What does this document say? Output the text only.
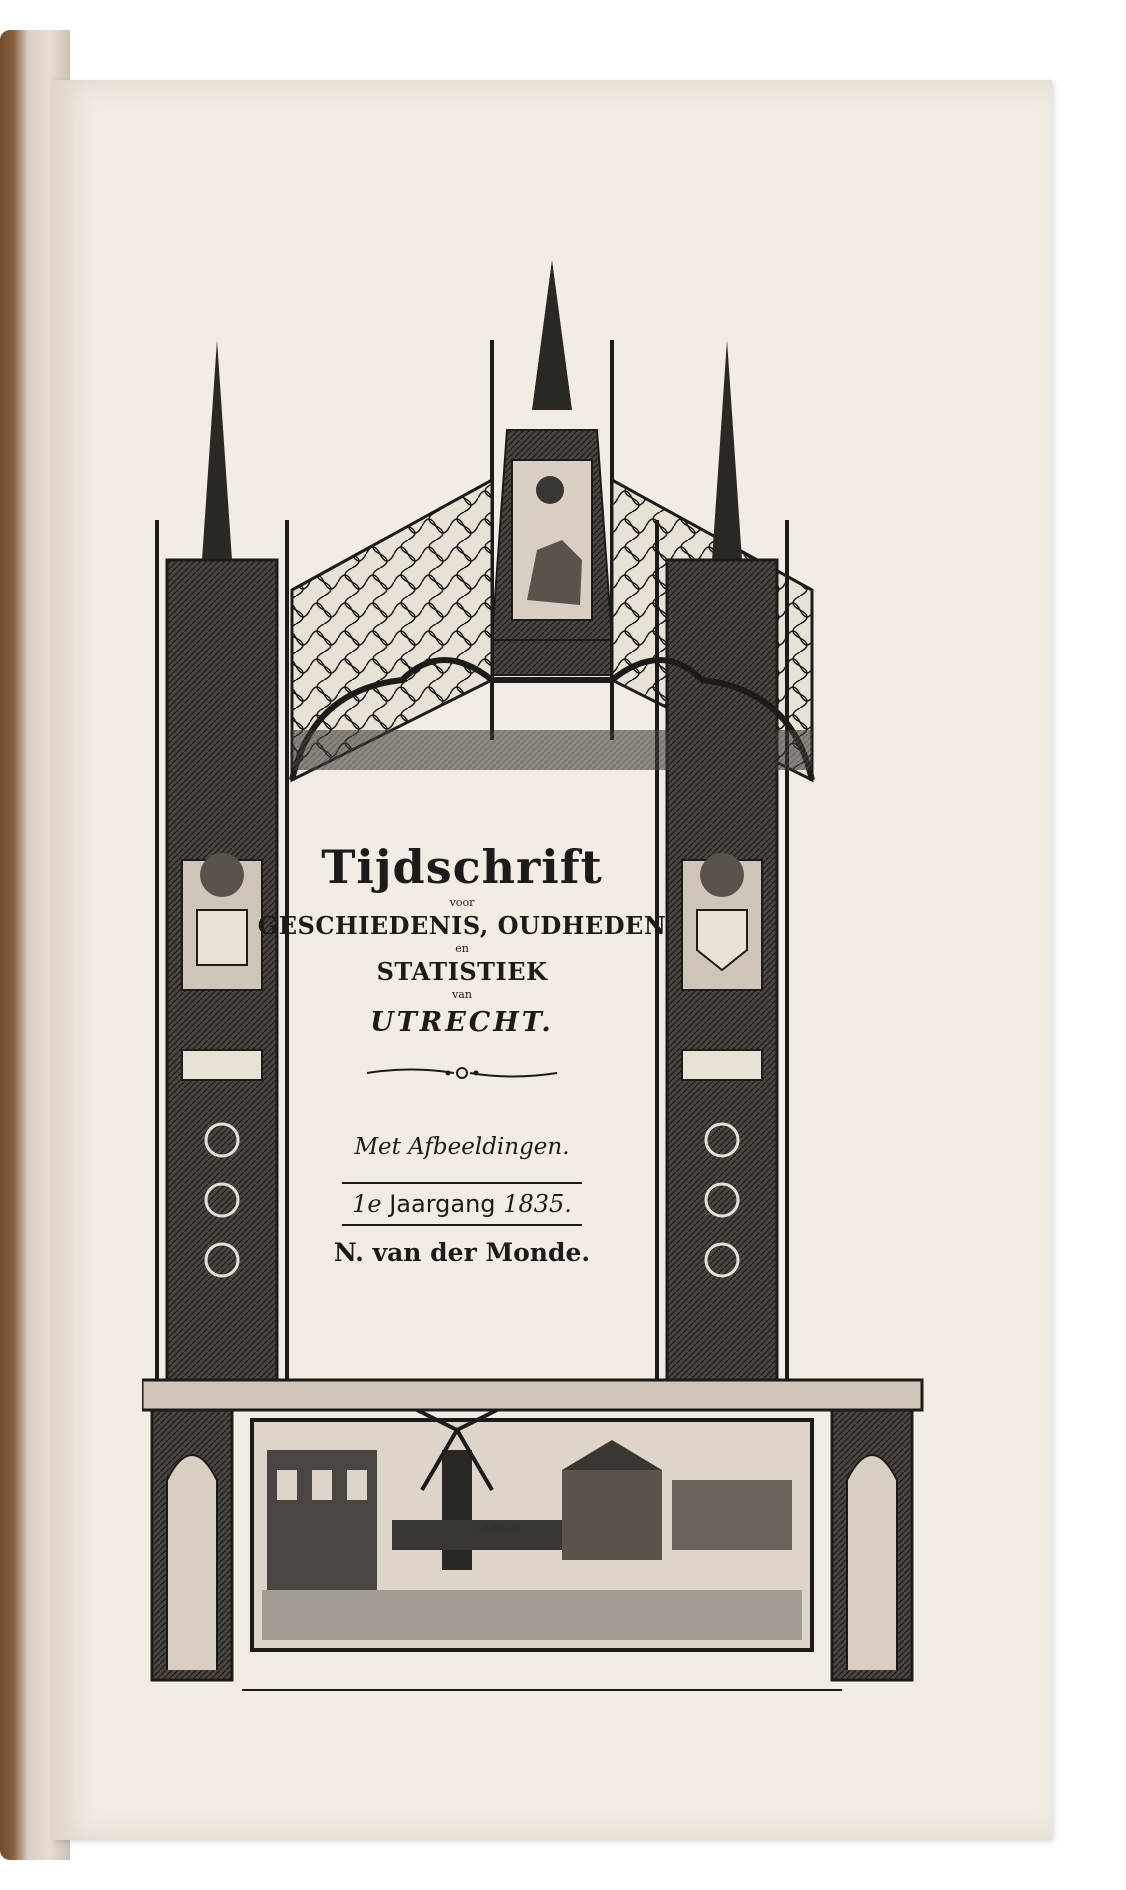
Tijdschrift
voor
GESCHIEDENIS, OUDHEDEN
en
STATISTIEK
van
UTRECHT.
Met Afbeeldingen.
1e Jaargang 1835.
N. van der Monde.
L.ABIUM
